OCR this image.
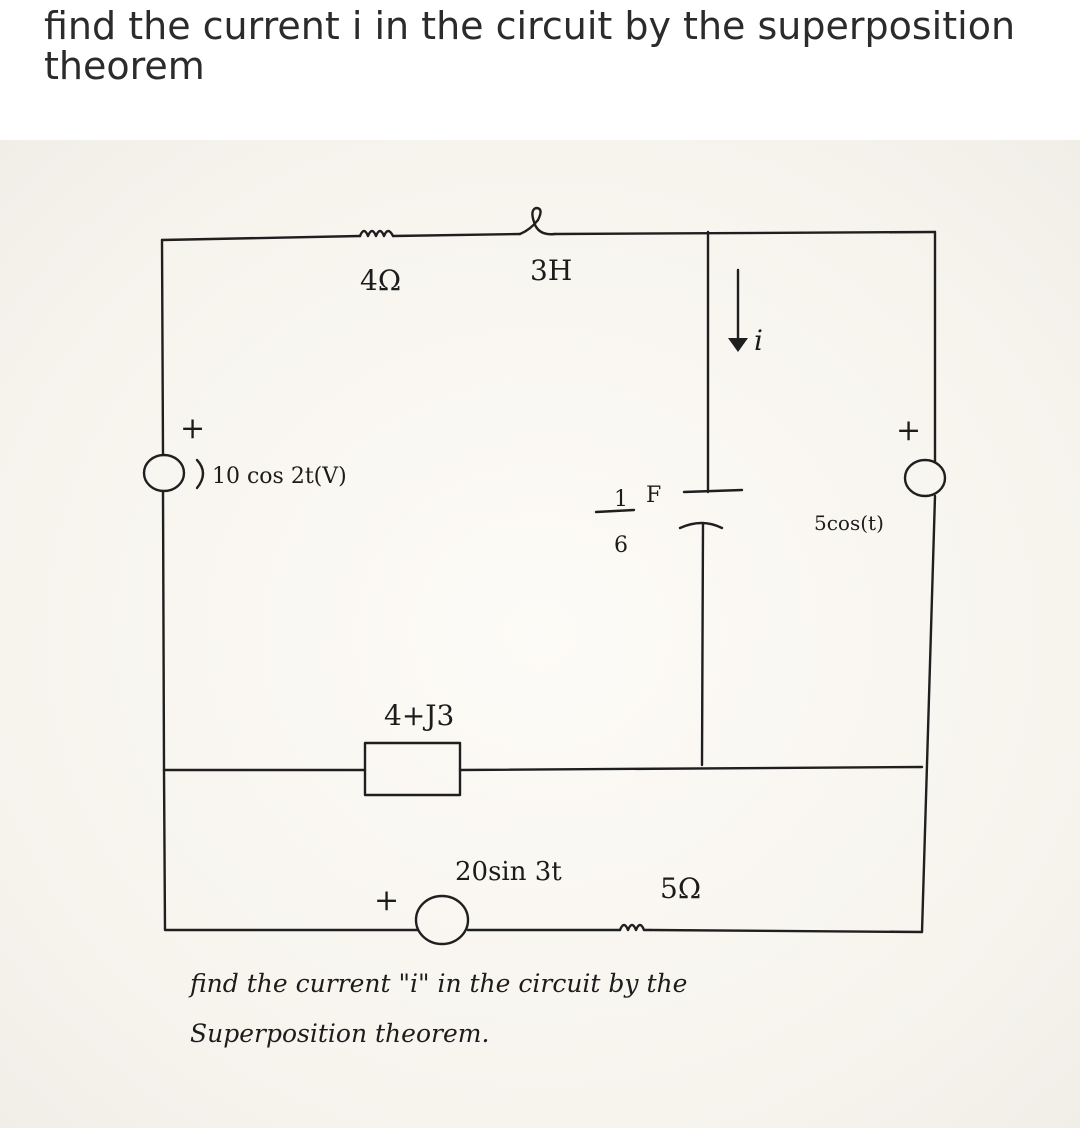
find the current i in the circuit by the superposition theorem
4Ω	3H
i
+
10 cos 2t(V)
1 F
6
+
5cos(t)
4+J3
20sin 3t
+	5Ω
find the current "i" in the circuit by the
Superposition theorem.
